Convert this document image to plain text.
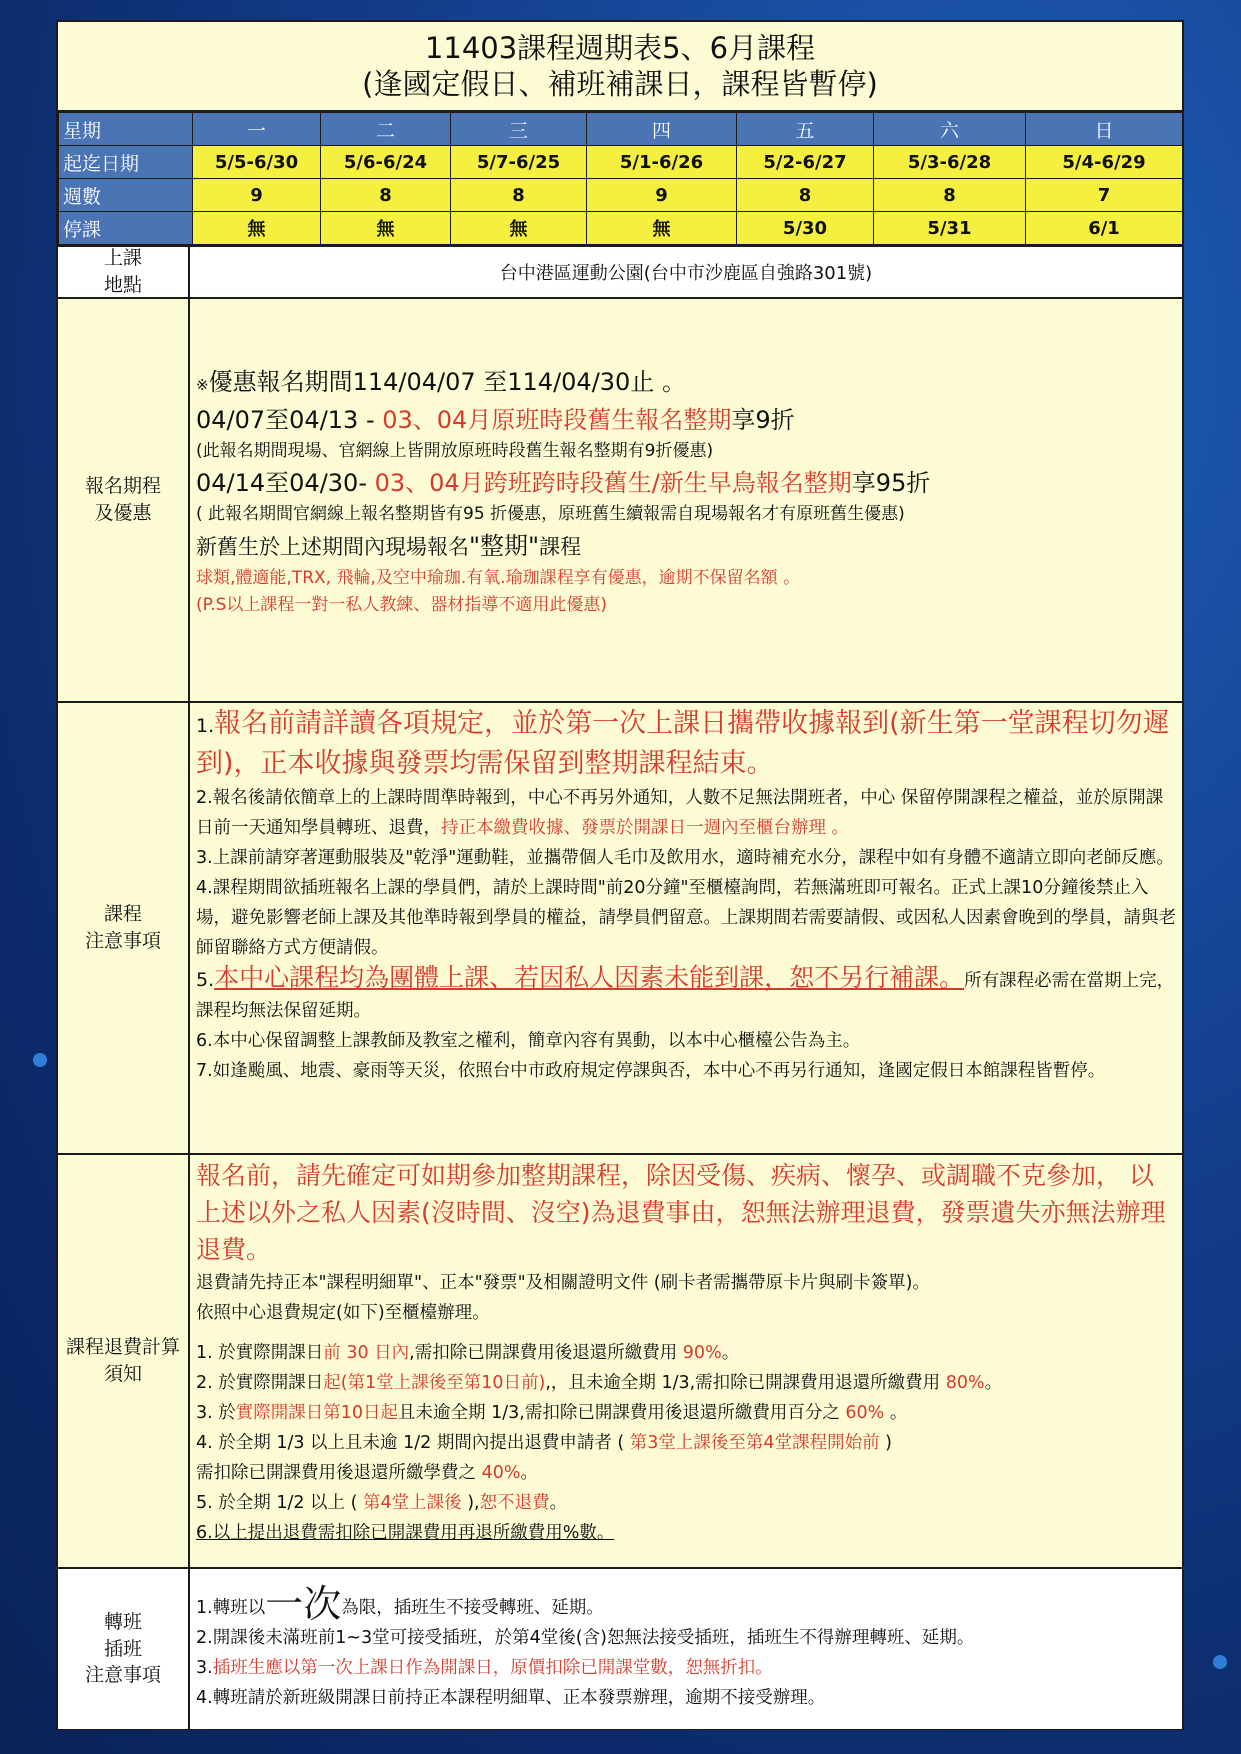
11403課程週期表5、6月課程
(逢國定假日、補班補課日，課程皆暫停)
星期	一	二	三	四	五	六	日
起迄日期	5/5-6/30	5/6-6/24	5/7-6/25	5/1-6/26	5/2-6/27	5/3-6/28	5/4-6/29
週數	9	8	8	9	8	8	7
停課	無	無	無	無	5/30	5/31	6/1
上課
地點
台中港區運動公園(台中市沙鹿區自強路301號)
報名期程
及優惠
※優惠報名期間114/04/07 至114/04/30止 。
04/07至04/13 - 03、04月原班時段舊生報名整期享9折
(此報名期間現場、官網線上皆開放原班時段舊生報名整期有9折優惠)
04/14至04/30- 03、04月跨班跨時段舊生/新生早鳥報名整期享95折
( 此報名期間官網線上報名整期皆有95 折優惠，原班舊生續報需自現場報名才有原班舊生優惠)
新舊生於上述期間內現場報名"整期"課程
球類,體適能,TRX, 飛輪,及空中瑜珈.有氧.瑜珈課程享有優惠，逾期不保留名額 。
(P.S以上課程一對一私人教練、器材指導不適用此優惠)
課程
注意事項
1.報名前請詳讀各項規定，並於第一次上課日攜帶收據報到(新生第一堂課程切勿遲到)，正本收據與發票均需保留到整期課程結束。
2.報名後請依簡章上的上課時間準時報到，中心不再另外通知，人數不足無法開班者，中心 保留停開課程之權益，並於原開課日前一天通知學員轉班、退費，持正本繳費收據、發票於開課日一週內至櫃台辦理 。
3.上課前請穿著運動服裝及"乾淨"運動鞋，並攜帶個人毛巾及飲用水，適時補充水分，課程中如有身體不適請立即向老師反應。
4.課程期間欲插班報名上課的學員們，請於上課時間"前20分鐘"至櫃檯詢問，若無滿班即可報名。正式上課10分鐘後禁止入場，避免影響老師上課及其他準時報到學員的權益，請學員們留意。上課期間若需要請假、或因私人因素會晚到的學員，請與老師留聯絡方式方便請假。
5.本中心課程均為團體上課、若因私人因素未能到課，恕不另行補課。所有課程必需在當期上完，課程均無法保留延期。
6.本中心保留調整上課教師及教室之權利，簡章內容有異動，以本中心櫃檯公告為主。
7.如逢颱風、地震、豪雨等天災，依照台中市政府規定停課與否，本中心不再另行通知，逢國定假日本館課程皆暫停。
課程退費計算
須知
報名前，請先確定可如期參加整期課程，除因受傷、疾病、懷孕、或調職不克參加， 以上述以外之私人因素(沒時間、沒空)為退費事由，恕無法辦理退費，發票遺失亦無法辦理退費。
退費請先持正本"課程明細單"、正本"發票"及相關證明文件 (刷卡者需攜帶原卡片與刷卡簽單)。
依照中心退費規定(如下)至櫃檯辦理。
1. 於實際開課日前 30 日內,需扣除已開課費用後退還所繳費用 90%。
2. 於實際開課日起(第1堂上課後至第10日前),，且未逾全期 1/3,需扣除已開課費用退還所繳費用 80%。
3. 於實際開課日第10日起且未逾全期 1/3,需扣除已開課費用後退還所繳費用百分之 60% 。
4. 於全期 1/3 以上且未逾 1/2 期間內提出退費申請者 ( 第3堂上課後至第4堂課程開始前 )
需扣除已開課費用後退還所繳學費之 40%。
5. 於全期 1/2 以上 ( 第4堂上課後 ),恕不退費。
6.以上提出退費需扣除已開課費用再退所繳費用%數。
轉班
插班
注意事項
1.轉班以一次為限，插班生不接受轉班、延期。
2.開課後未滿班前1~3堂可接受插班，於第4堂後(含)恕無法接受插班，插班生不得辦理轉班、延期。
3.插班生應以第一次上課日作為開課日，原價扣除已開課堂數，恕無折扣。
4.轉班請於新班級開課日前持正本課程明細單、正本發票辦理，逾期不接受辦理。
